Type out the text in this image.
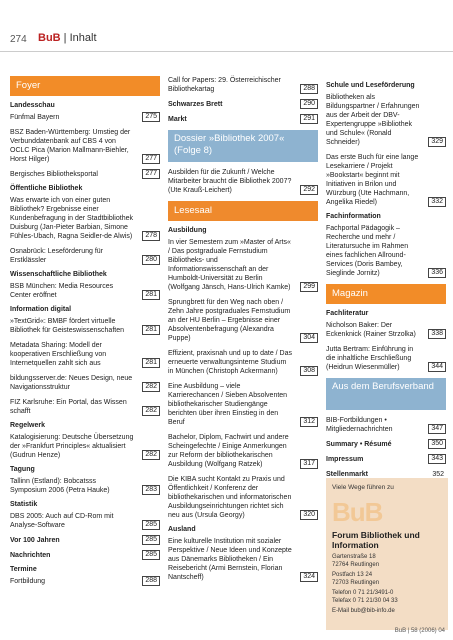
274 BuB | Inhalt
Foyer
Landesschau
Fünfmal Bayern	275
BSZ Baden-Württemberg: Umstieg der Verbunddatenbank auf CBS 4 von OCLC Pica (Marion Mallmann-Biehler, Horst Hilger)	277
Bergisches Bibliotheksportal	277
Öffentliche Bibliothek
Was erwarte ich von einer guten Bibliothek? Ergebnisse einer Kundenbefragung in der Stadtbibliothek Duisburg (Jan-Pieter Barbian, Simone Fühles-Ubach, Ragna Seidler-de Alwis)	278
Osnabrück: Leseförderung für Erstklässler	280
Wissenschaftliche Bibliothek
BSB München: Media Resources Center eröffnet	281
Information digital
»TextGrid«: BMBF fördert virtuelle Bibliothek für Geisteswissenschaften	281
Metadata Sharing: Modell der kooperativen Erschließung von Internetquellen zahlt sich aus	281
bildungsserver.de: Neues Design, neue Navigationsstruktur	282
FIZ Karlsruhe: Ein Portal, das Wissen schafft	282
Regelwerk
Katalogisierung: Deutsche Übersetzung der »Frankfurt Principles« aktualisiert (Gudrun Henze)	282
Tagung
Tallinn (Estland): Bobcatsss Symposium 2006 (Petra Hauke)	283
Statistik
DBS 2005: Auch auf CD-Rom mit Analyse-Software	285
Vor 100 Jahren	285
Nachrichten	285
Termine
Fortbildung	288
Call for Papers: 29. Österreichischer Bibliothekartag	288
Schwarzes Brett	290
Markt	291
Dossier »Bibliothek 2007« (Folge 8)
Ausbilden für die Zukunft / Welche Mitarbeiter braucht die Bibliothek 2007? (Ute Krauß-Leichert)	292
Lesesaal
Ausbildung
In vier Semestern zum »Master of Arts« / Das postgraduale Fernstudium Bibliotheks- und Informationswissenschaft an der Humboldt-Universität zu Berlin (Wolfgang Jänsch, Hans-Ulrich Kamke)	299
Sprungbrett für den Weg nach oben / Zehn Jahre postgraduales Fernstudium an der HU Berlin – Ergebnisse einer Absolventenbefragung (Alexandra Puppe)	304
Effizient, praxisnah und up to date / Das erneuerte verwaltungsinterne Studium in München (Christoph Ackermann)	308
Eine Ausbildung – viele Karrierechancen / Sieben Absolventen bibliothekarischer Studiengänge berichten über ihren Einstieg in den Beruf	312
Bachelor, Diplom, Fachwirt und andere Scheingefechte / Einige Anmerkungen zur Reform der bibliothekarischen Ausbildung (Wolfgang Ratzek)	317
Die KIBA sucht Kontakt zu Praxis und Öffentlichkeit / Konferenz der bibliothekarischen und informatorischen Ausbildungseinrichtungen richtet sich neu aus (Ursula Georgy)	320
Ausland
Eine kulturelle Institution mit sozialer Perspektive / Neue Ideen und Konzepte aus Dänemarks Bibliotheken / Ein Reisebericht (Armi Bernstein, Florian Nantscheff)	324
Schule und Leseförderung
Bibliotheken als Bildungspartner / Erfahrungen aus der Arbeit der DBV-Expertengruppe »Bibliothek und Schule« (Ronald Schneider)	329
Das erste Buch für eine lange Lesekarriere / Projekt »Bookstart« beginnt mit Initiativen in Brilon und Würzburg (Ute Hachmann, Angelika Riedel)	332
Fachinformation
Fachportal Pädagogik – Recherche und mehr / Literatursuche im Rahmen eines fachlichen Allround-Services (Doris Bambey, Sieglinde Jornitz)	336
Magazin
Fachliteratur
Nicholson Baker: Der Eckenknick (Rainer Strzolka)	338
Jutta Bertram: Einführung in die inhaltliche Erschließung (Heidrun Wiesenmüller)	344
Aus dem Berufsverband
BIB-Fortbildungen • Mitgliedernachrichten	347
Summary • Résumé	350
Impressum	343
Stellenmarkt	352
Viele Wege führen zu
BuB
Forum Bibliothek und Information
Gartenstraße 18
72764 Reutlingen
Postfach 13 24
72703 Reutlingen
Telefon 0 71 21/3491-0
Telefax 0 71 21/30 04 33
E-Mail bub@bib-info.de
BuB | 58 (2006) 04
